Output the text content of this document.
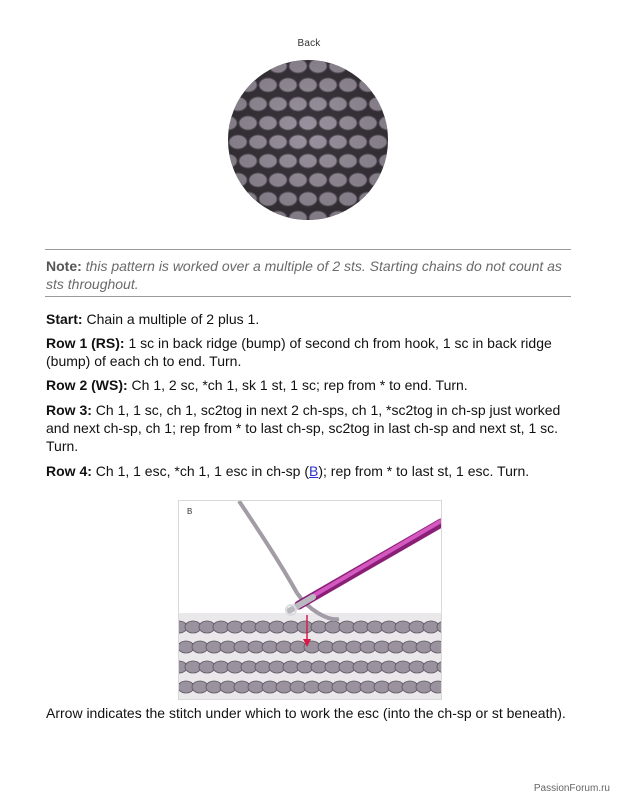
Back
Note: this pattern is worked over a multiple of 2 sts. Starting chains do not count as sts throughout.
Start: Chain a multiple of 2 plus 1.
Row 1 (RS): 1 sc in back ridge (bump) of second ch from hook, 1 sc in back ridge (bump) of each ch to end. Turn.
Row 2 (WS): Ch 1, 2 sc, *ch 1, sk 1 st, 1 sc; rep from * to end. Turn.
Row 3: Ch 1, 1 sc, ch 1, sc2tog in next 2 ch-sps, ch 1, *sc2tog in ch-sp just worked and next ch-sp, ch 1; rep from * to last ch-sp, sc2tog in last ch-sp and next st, 1 sc. Turn.
Row 4: Ch 1, 1 esc, *ch 1, 1 esc in ch-sp (B); rep from * to last st, 1 esc. Turn.
B
Arrow indicates the stitch under which to work the esc (into the ch-sp or st beneath).
PassionForum.ru
